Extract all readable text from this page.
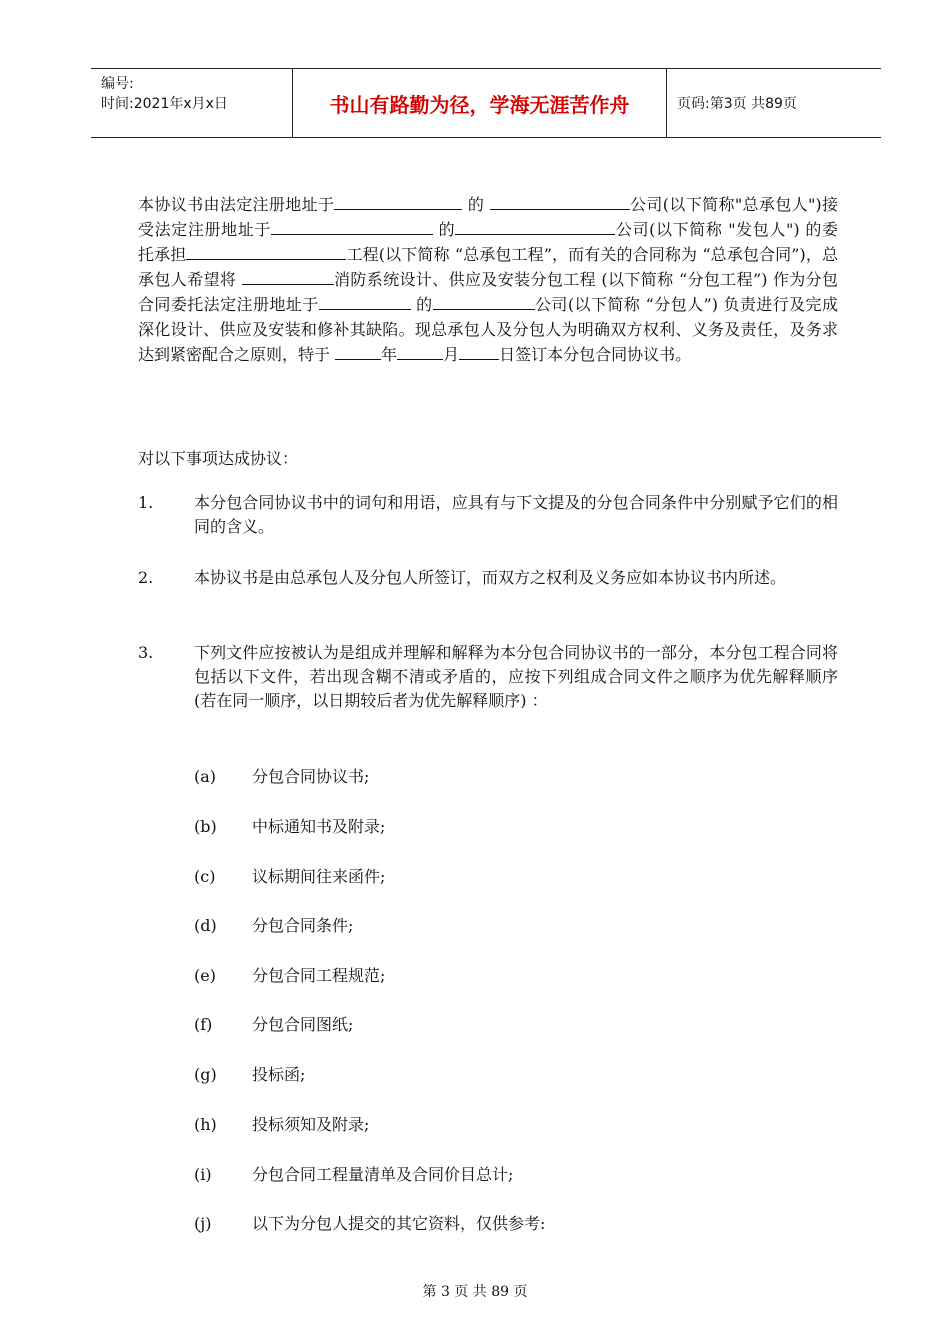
编号:
时间:2021年x月x日	书山有路勤为径，学海无涯苦作舟	页码:第3页 共89页
本协议书由法定注册地址于	的	公司(以下简称"总承包人")接受法定注册地址于	的	公司(以下简称 "发包人") 的委托承担	工程(以下简称 “总承包工程”，而有关的合同称为 “总承包合同”)，总承包人希望将	消防系统设计、供应及安装分包工程 (以下简称 “分包工程”) 作为分包合同委托法定注册地址于	的	公司(以下简称 “分包人”) 负责进行及完成深化设计、供应及安装和修补其缺陷。现总承包人及分包人为明确双方权利、义务及责任，及务求达到紧密配合之原则，特于	年	月	日签订本分包合同协议书。
对以下事项达成协议：
1.	本分包合同协议书中的词句和用语，应具有与下文提及的分包合同条件中分别赋予它们的相同的含义。
2.	本协议书是由总承包人及分包人所签订，而双方之权利及义务应如本协议书内所述。
3.	下列文件应按被认为是组成并理解和解释为本分包合同协议书的一部分，本分包工程合同将包括以下文件，若出现含糊不清或矛盾的，应按下列组成合同文件之顺序为优先解释顺序(若在同一顺序，以日期较后者为优先解释顺序) ：
(a) 分包合同协议书;
(b) 中标通知书及附录;
(c) 议标期间往来函件;
(d) 分包合同条件;
(e) 分包合同工程规范;
(f) 分包合同图纸;
(g) 投标函;
(h) 投标须知及附录;
(i)	分包合同工程量清单及合同价目总计;
(j)	以下为分包人提交的其它资料，仅供参考:
第 3 页 共 89 页
